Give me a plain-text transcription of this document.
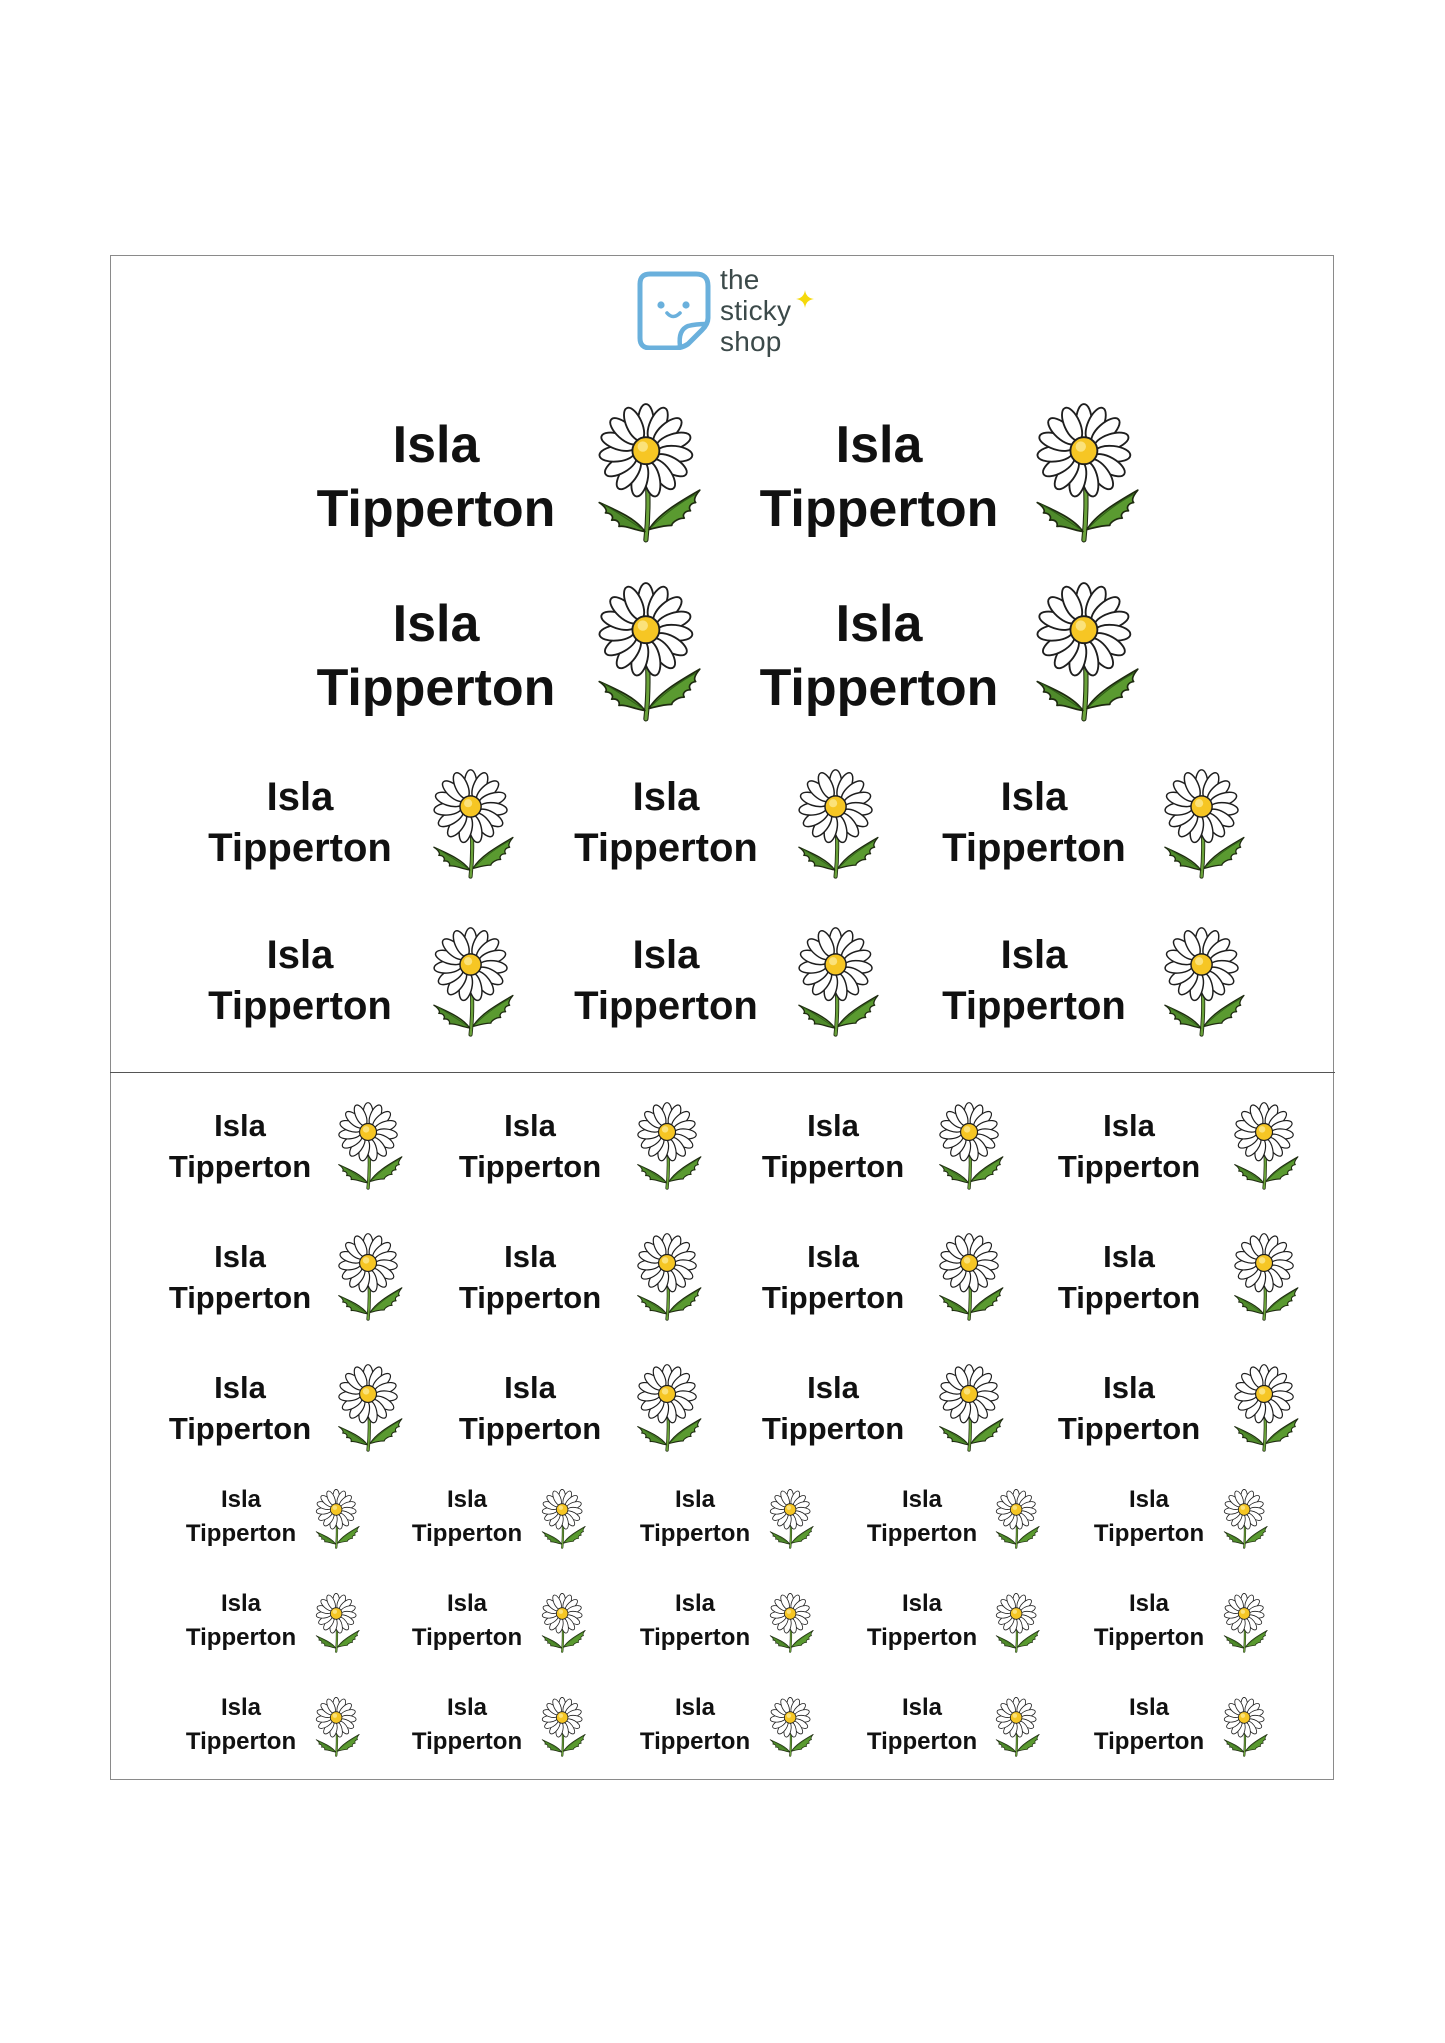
the
sticky
shop
Isla
Tipperton
Isla
Tipperton
Isla
Tipperton
Isla
Tipperton
Isla
Tipperton
Isla
Tipperton
Isla
Tipperton
Isla
Tipperton
Isla
Tipperton
Isla
Tipperton
Isla
Tipperton
Isla
Tipperton
Isla
Tipperton
Isla
Tipperton
Isla
Tipperton
Isla
Tipperton
Isla
Tipperton
Isla
Tipperton
Isla
Tipperton
Isla
Tipperton
Isla
Tipperton
Isla
Tipperton
Isla
Tipperton
Isla
Tipperton
Isla
Tipperton
Isla
Tipperton
Isla
Tipperton
Isla
Tipperton
Isla
Tipperton
Isla
Tipperton
Isla
Tipperton
Isla
Tipperton
Isla
Tipperton
Isla
Tipperton
Isla
Tipperton
Isla
Tipperton
Isla
Tipperton
